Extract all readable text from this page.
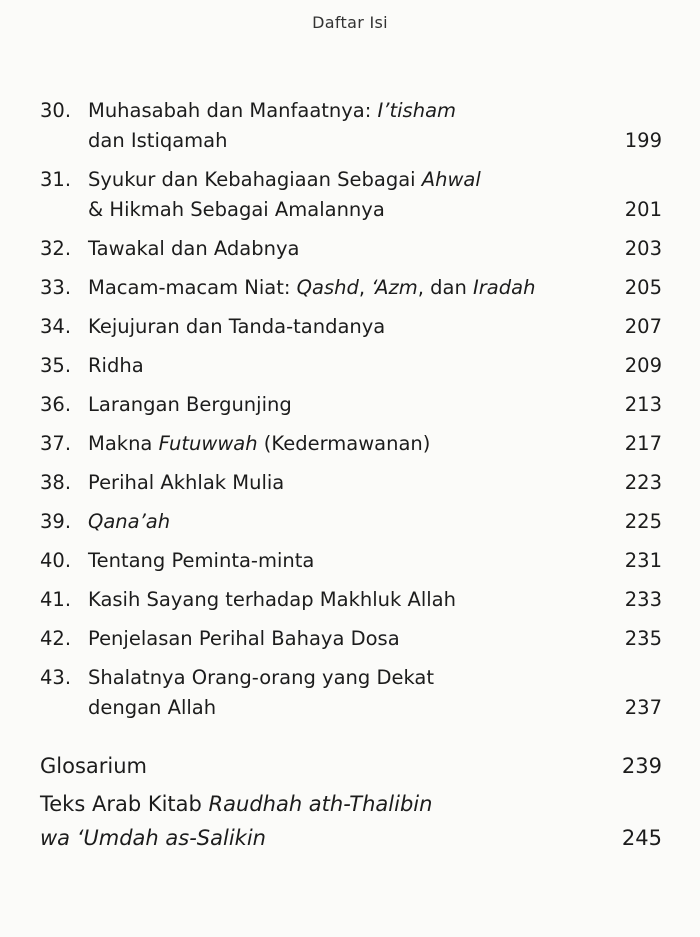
Daftar Isi
30. Muhasabah dan Manfaatnya: I’tisham
dan Istiqamah	199
31. Syukur dan Kebahagiaan Sebagai Ahwal
& Hikmah Sebagai Amalannya	201
32. Tawakal dan Adabnya	203
33. Macam-macam Niat: Qashd, ‘Azm, dan Iradah	205
34. Kejujuran dan Tanda-tandanya	207
35. Ridha	209
36. Larangan Bergunjing	213
37. Makna Futuwwah (Kedermawanan)	217
38. Perihal Akhlak Mulia	223
39. Qana’ah	225
40. Tentang Peminta-minta	231
41. Kasih Sayang terhadap Makhluk Allah	233
42. Penjelasan Perihal Bahaya Dosa	235
43. Shalatnya Orang-orang yang Dekat
dengan Allah	237
Glosarium	239
Teks Arab Kitab Raudhah ath-Thalibin
wa ‘Umdah as-Salikin	245
